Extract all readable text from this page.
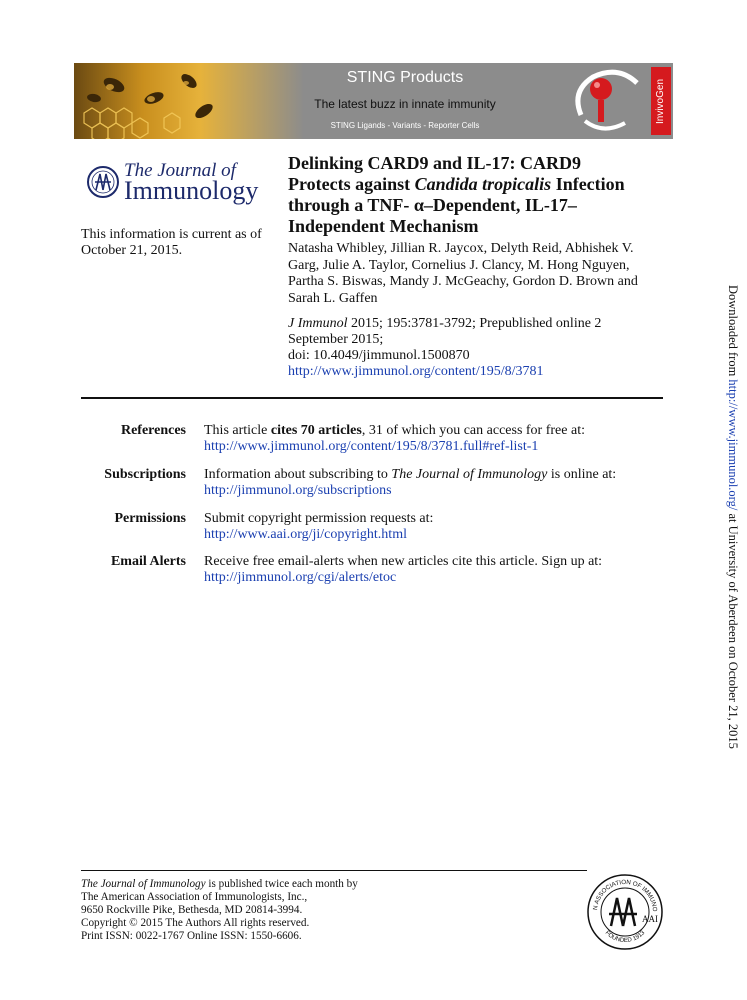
STING Products
The latest buzz in innate immunity
STING Ligands - Variants - Reporter Cells
InvivoGen
The Journal of
Immunology
This information is current as of October 21, 2015.
Delinking CARD9 and IL-17: CARD9
Protects against Candida tropicalis Infection
through a TNF- α–Dependent, IL-17–
Independent Mechanism
Natasha Whibley, Jillian R. Jaycox, Delyth Reid, Abhishek V. Garg, Julie A. Taylor, Cornelius J. Clancy, M. Hong Nguyen, Partha S. Biswas, Mandy J. McGeachy, Gordon D. Brown and Sarah L. Gaffen
J Immunol 2015; 195:3781-3792; Prepublished online 2 September 2015;
doi: 10.4049/jimmunol.1500870
http://www.jimmunol.org/content/195/8/3781
References This article cites 70 articles, 31 of which you can access for free at:
http://www.jimmunol.org/content/195/8/3781.full#ref-list-1
Subscriptions Information about subscribing to The Journal of Immunology is online at:
http://jimmunol.org/subscriptions
Permissions Submit copyright permission requests at:
http://www.aai.org/ji/copyright.html
Email Alerts Receive free email-alerts when new articles cite this article. Sign up at:
http://jimmunol.org/cgi/alerts/etoc
The Journal of Immunology is published twice each month by
The American Association of Immunologists, Inc.,
9650 Rockville Pike, Bethesda, MD 20814-3994.
Copyright © 2015 The Authors All rights reserved.
Print ISSN: 0022-1767 Online ISSN: 1550-6606.
N ASSOCIATION OF IMMUNO
FOUNDED 1913
AAI
Downloaded from http://www.jimmunol.org/ at University of Aberdeen on October 21, 2015
